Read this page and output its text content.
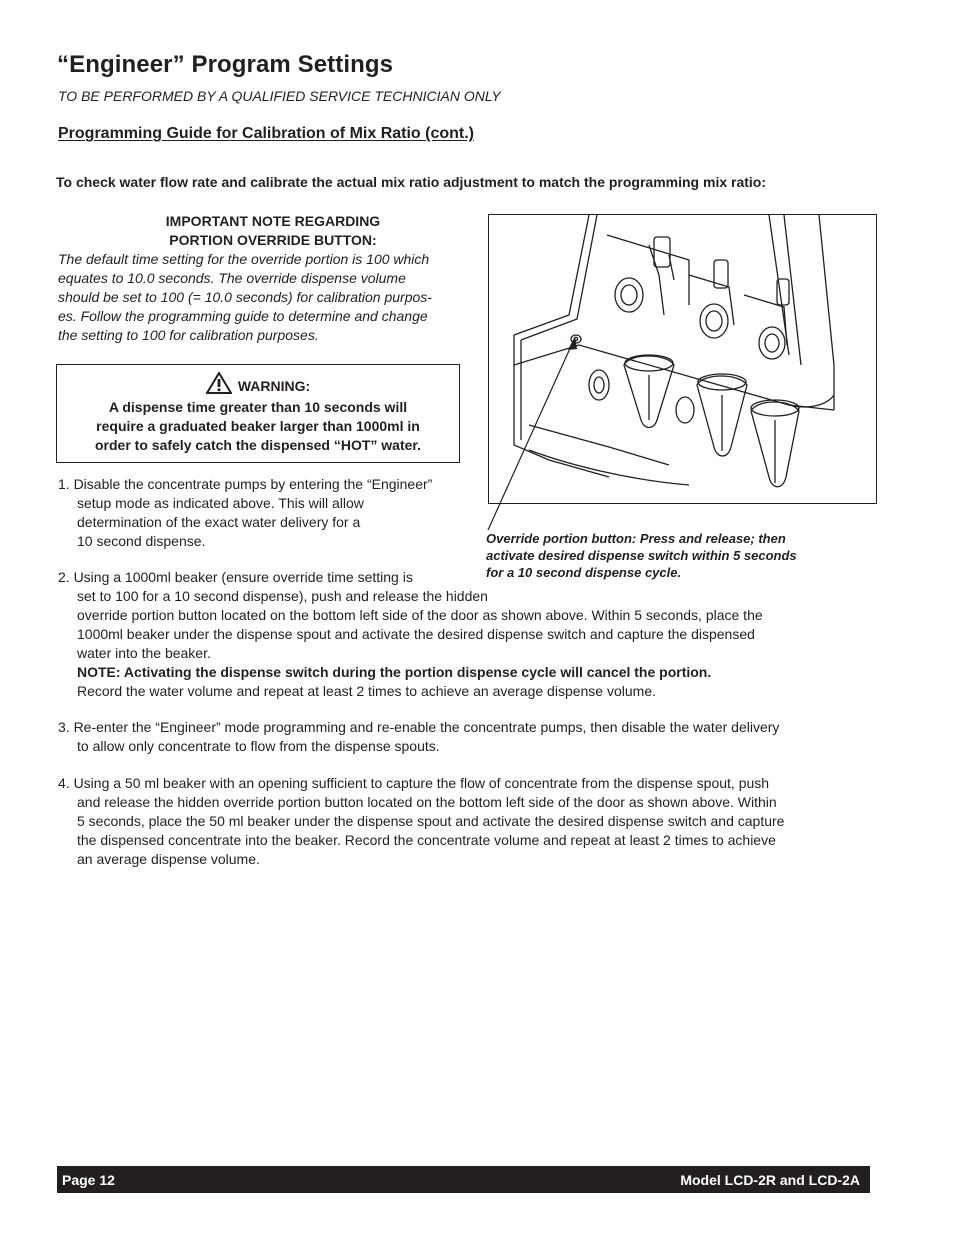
“Engineer” Program Settings
TO BE PERFORMED BY A QUALIFIED SERVICE TECHNICIAN ONLY
Programming Guide for Calibration of Mix Ratio (cont.)
To check water flow rate and calibrate the actual mix ratio adjustment to match the programming mix ratio:
IMPORTANT NOTE REGARDING
PORTION OVERRIDE BUTTON:
The default time setting for the override portion is 100 which
equates to 10.0 seconds. The override dispense volume
should be set to 100 (= 10.0 seconds) for calibration purpos-
es. Follow the programming guide to determine and change
the setting to 100 for calibration purposes.
WARNING:
A dispense time greater than 10 seconds will
require a graduated beaker larger than 1000ml in
order to safely catch the dispensed “HOT” water.
Override portion button: Press and release; then
activate desired dispense switch within 5 seconds
for a 10 second dispense cycle.
1. Disable the concentrate pumps by entering the “Engineer”
setup mode as indicated above. This will allow
determination of the exact water delivery for a
10 second dispense.
2. Using a 1000ml beaker (ensure override time setting is
set to 100 for a 10 second dispense), push and release the hidden
override portion button located on the bottom left side of the door as shown above. Within 5 seconds, place the
1000ml beaker under the dispense spout and activate the desired dispense switch and capture the dispensed
water into the beaker.
NOTE: Activating the dispense switch during the portion dispense cycle will cancel the portion.
Record the water volume and repeat at least 2 times to achieve an average dispense volume.
3. Re-enter the “Engineer” mode programming and re-enable the concentrate pumps, then disable the water delivery
to allow only concentrate to flow from the dispense spouts.
4. Using a 50 ml beaker with an opening sufficient to capture the flow of concentrate from the dispense spout, push
and release the hidden override portion button located on the bottom left side of the door as shown above. Within
5 seconds, place the 50 ml beaker under the dispense spout and activate the desired dispense switch and capture
the dispensed concentrate into the beaker. Record the concentrate volume and repeat at least 2 times to achieve
an average dispense volume.
Page 12	Model LCD-2R and LCD-2A
